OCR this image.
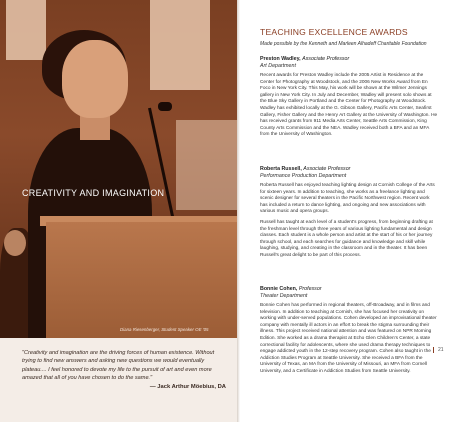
CREATIVITY AND IMAGINATION
Diana Riesenberger, Student Speaker OE '05

"Creativity and imagination are the driving forces of human existence. Without trying to find new answers and asking new questions we would eventually plateau.... I feel honored to devote my life to the pursuit of art and even more amazed that all of you have chosen to do the same."

— Jack Arthur Möebius, DA
TEACHING EXCELLENCE AWARDS
Made possible by the Kenneth and Marleen Alhadeff Charitable Foundation
Preston Wadley, Associate Professor
Art Department

Recent awards for Preston Wadley include the 2005 Artist in Residence at the Center for Photography at Woodstock, and the 2006 New Works Award from En Foco in New York City. This May, his work will be shown at the Wilmer Jennings gallery in New York City. In July and December, Wadley will present solo shows at the Blue Sky Gallery in Portland and the Center for Photography at Woodstock. Wadley has exhibited locally at the G. Gibson Gallery, Pacific Arts Center, Seafirst Gallery, Fisher Gallery and the Henry Art Gallery at the University of Washington. He has received grants from 911 Media Arts Center, Seattle Arts Commission, King County Arts Commission and the NEA. Wadley received both a BFA and an MFA from the University of Washington.

Roberta Russell, Associate Professor
Performance Production Department

Roberta Russell has enjoyed teaching lighting design at Cornish College of the Arts for sixteen years. In addition to teaching, she works as a freelance lighting and scenic designer for several theaters in the Pacific Northwest region. Recent work has included a return to dance lighting, and ongoing and new associations with various music and opera groups.

Russell has taught at each level of a student's progress, from beginning drafting at the freshman level through three years of various lighting fundamental and design classes. Each student is a whole person and artist at the start of his or her journey through school, and each searches for guidance and knowledge and skill while laughing, studying, and creating in the classroom and in the theater. It has been Russell's great delight to be part of this process.

Bonnie Cohen, Professor
Theater Department

Bonnie Cohen has performed in regional theaters, off-Broadway, and in films and television. In addition to teaching at Cornish, she has focused her creativity on working with under-served populations. Cohen developed an improvisational theater company with mentally ill actors in an effort to break the stigma surrounding their illness. This project received national attention and was featured on NPR Morning Edition. She worked as a drama therapist at Echo Glen Children's Center, a state correctional facility for adolescents, where she used drama therapy techniques to engage addicted youth in the 12-step recovery program. Cohen also taught in the Addiction Studies Program at Seattle University. She received a BFA from the University of Texas, an MA from the University of Missouri, an MFA from Cornell University, and a Certificate in Addiction Studies from Seattle University.

21
